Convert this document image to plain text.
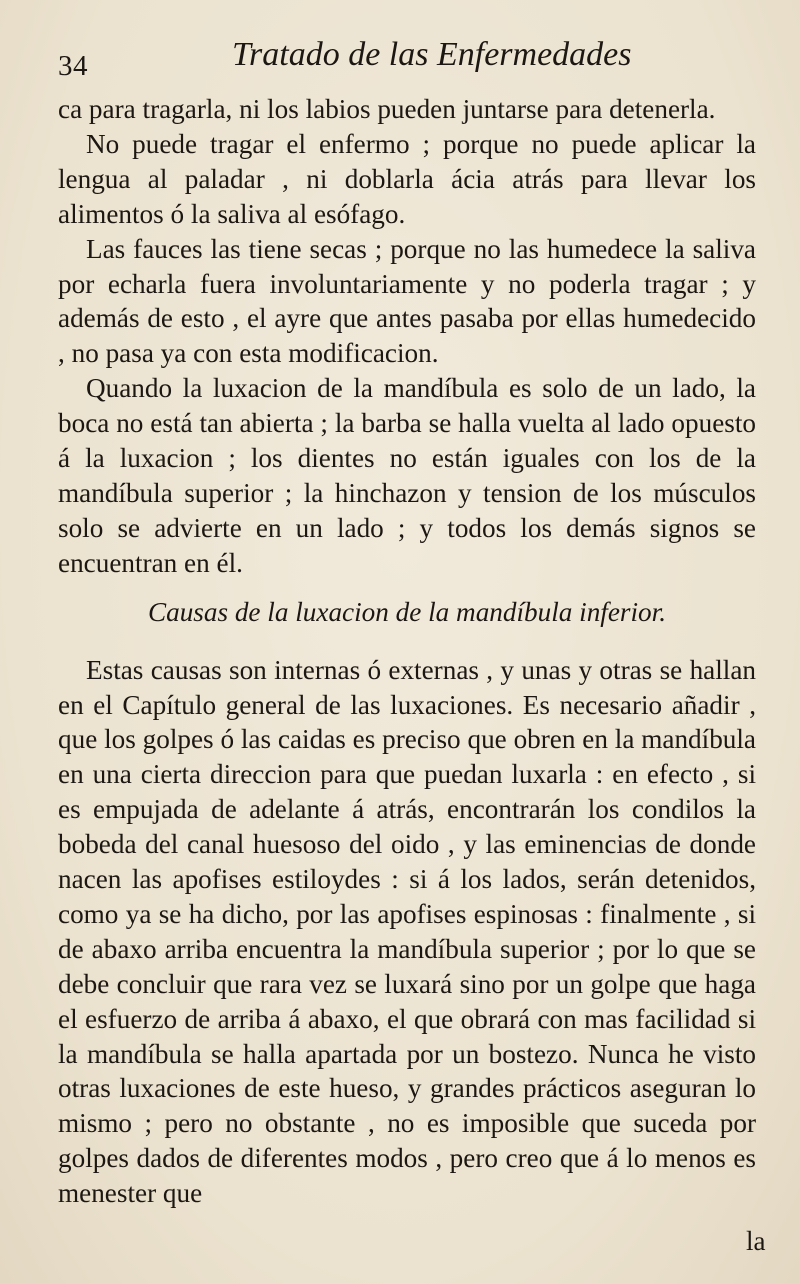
34	Tratado de las Enfermedades

ca para tragarla, ni los labios pueden juntarse para detenerla.

No puede tragar el enfermo ; porque no puede aplicar la lengua al paladar , ni doblarla ácia atrás para llevar los alimentos ó la saliva al esófago.

Las fauces las tiene secas ; porque no las humedece la saliva por echarla fuera involuntariamente y no poderla tragar ; y además de esto , el ayre que antes pasaba por ellas humedecido , no pasa ya con esta modificacion.

Quando la luxacion de la mandíbula es solo de un lado, la boca no está tan abierta ; la barba se halla vuelta al lado opuesto á la luxacion ; los dientes no están iguales con los de la mandíbula superior ; la hinchazon y tension de los músculos solo se advierte en un lado ; y todos los demás signos se encuentran en él.

Causas de la luxacion de la mandíbula inferior.

Estas causas son internas ó externas , y unas y otras se hallan en el Capítulo general de las luxaciones. Es necesario añadir , que los golpes ó las caidas es preciso que obren en la mandíbula en una cierta direccion para que puedan luxarla : en efecto , si es empujada de adelante á atrás, encontrarán los condilos la bobeda del canal huesoso del oido , y las eminencias de donde nacen las apofises estiloydes : si á los lados, serán detenidos, como ya se ha dicho, por las apofises espinosas : finalmente , si de abaxo arriba encuentra la mandíbula superior ; por lo que se debe concluir que rara vez se luxará sino por un golpe que haga el esfuerzo de arriba á abaxo, el que obrará con mas facilidad si la mandíbula se halla apartada por un bostezo. Nunca he visto otras luxaciones de este hueso, y grandes prácticos aseguran lo mismo ; pero no obstante , no es imposible que suceda por golpes dados de diferentes modos , pero creo que á lo menos es menester que

la
